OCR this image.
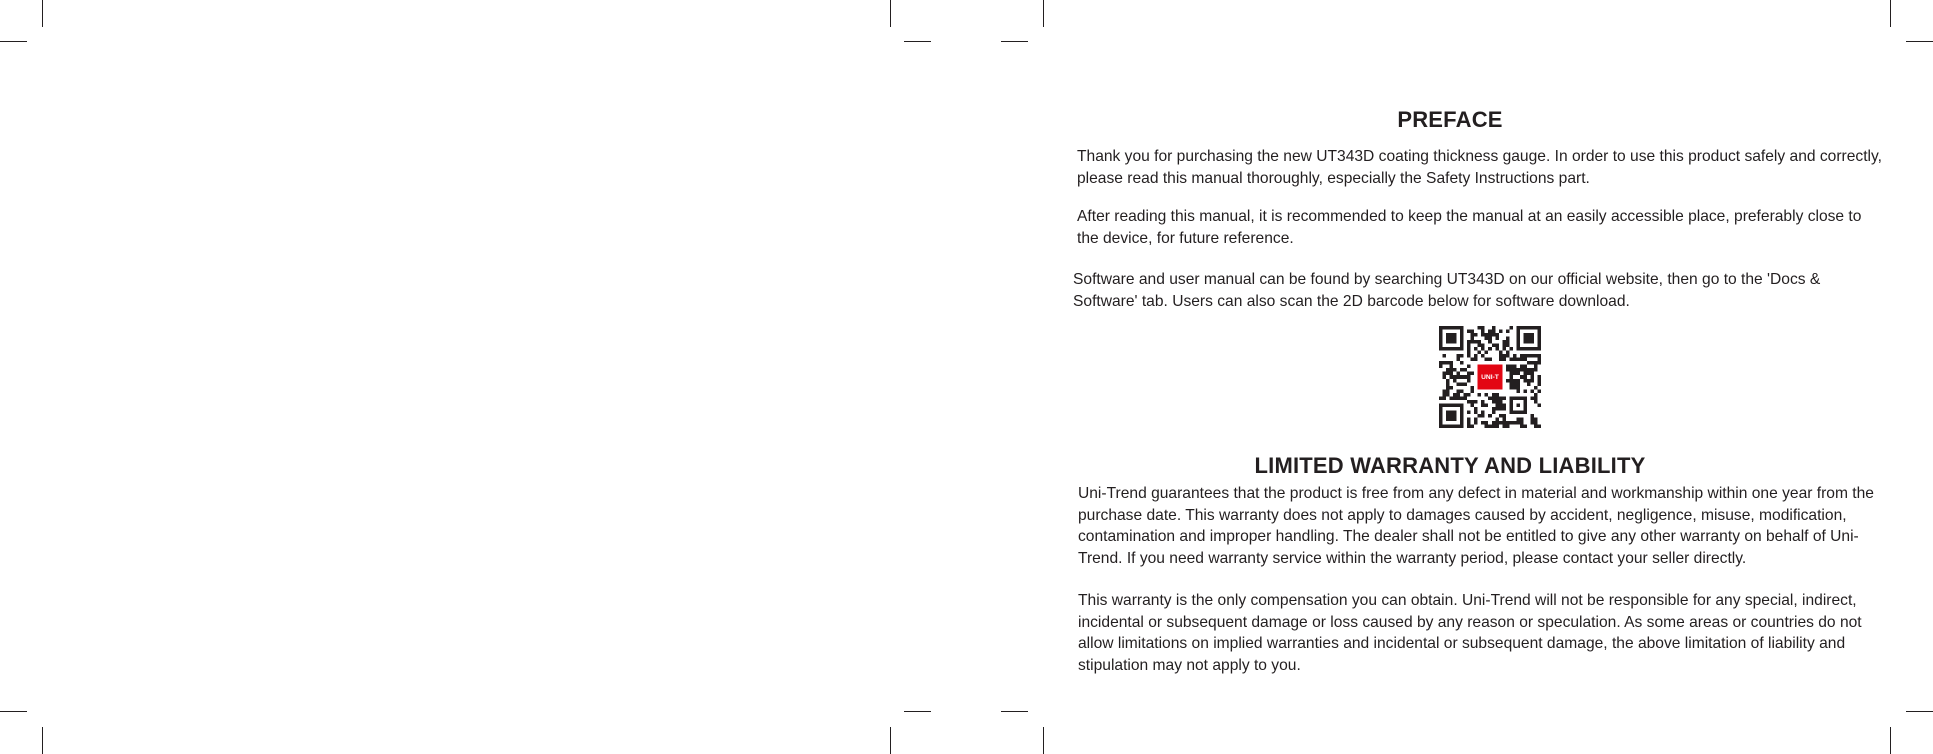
PREFACE

Thank you for purchasing the new UT343D coating thickness gauge. In order to use this product safely and correctly, please read this manual thoroughly, especially the Safety Instructions part.

After reading this manual, it is recommended to keep the manual at an easily accessible place, preferably close to the device, for future reference.

Software and user manual can be found by searching UT343D on our official website, then go to the 'Docs & Software' tab. Users can also scan the 2D barcode below for software download.

UNI-T
LIMITED WARRANTY AND LIABILITY

Uni-Trend guarantees that the product is free from any defect in material and workmanship within one year from the purchase date. This warranty does not apply to damages caused by accident, negligence, misuse, modification, contamination and improper handling. The dealer shall not be entitled to give any other warranty on behalf of Uni-Trend. If you need warranty service within the warranty period, please contact your seller directly.

This warranty is the only compensation you can obtain. Uni-Trend will not be responsible for any special, indirect, incidental or subsequent damage or loss caused by any reason or speculation. As some areas or countries do not allow limitations on implied warranties and incidental or subsequent damage, the above limitation of liability and stipulation may not apply to you.
